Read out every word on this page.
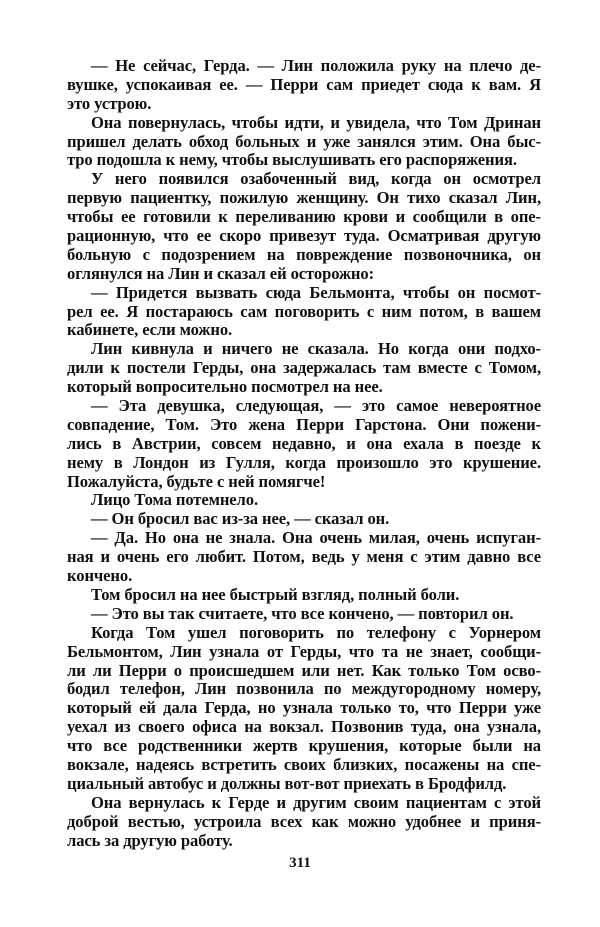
— Не сейчас, Герда. — Лин положила руку на плечо де-
вушке, успокаивая ее. — Перри сам приедет сюда к вам. Я
это устрою.
Она повернулась, чтобы идти, и увидела, что Том Дринан
пришел делать обход больных и уже занялся этим. Она быс-
тро подошла к нему, чтобы выслушивать его распоряжения.
У него появился озабоченный вид, когда он осмотрел
первую пациентку, пожилую женщину. Он тихо сказал Лин,
чтобы ее готовили к переливанию крови и сообщили в опе-
рационную, что ее скоро привезут туда. Осматривая другую
больную с подозрением на повреждение позвоночника, он
оглянулся на Лин и сказал ей осторожно:
— Придется вызвать сюда Бельмонта, чтобы он посмот-
рел ее. Я постараюсь сам поговорить с ним потом, в вашем
кабинете, если можно.
Лин кивнула и ничего не сказала. Но когда они подхо-
дили к постели Герды, она задержалась там вместе с Томом,
который вопросительно посмотрел на нее.
— Эта девушка, следующая, — это самое невероятное
совпадение, Том. Это жена Перри Гарстона. Они пожени-
лись в Австрии, совсем недавно, и она ехала в поезде к
нему в Лондон из Гулля, когда произошло это крушение.
Пожалуйста, будьте с ней помягче!
Лицо Тома потемнело.
— Он бросил вас из-за нее, — сказал он.
— Да. Но она не знала. Она очень милая, очень испуган-
ная и очень его любит. Потом, ведь у меня с этим давно все
кончено.
Том бросил на нее быстрый взгляд, полный боли.
— Это вы так считаете, что все кончено, — повторил он.
Когда Том ушел поговорить по телефону с Уорнером
Бельмонтом, Лин узнала от Герды, что та не знает, сообщи-
ли ли Перри о происшедшем или нет. Как только Том осво-
бодил телефон, Лин позвонила по междугородному номеру,
который ей дала Герда, но узнала только то, что Перри уже
уехал из своего офиса на вокзал. Позвонив туда, она узнала,
что все родственники жертв крушения, которые были на
вокзале, надеясь встретить своих близких, посажены на спе-
циальный автобус и должны вот-вот приехать в Бродфилд.
Она вернулась к Герде и другим своим пациентам с этой
доброй вестью, устроила всех как можно удобнее и приня-
лась за другую работу.
311
